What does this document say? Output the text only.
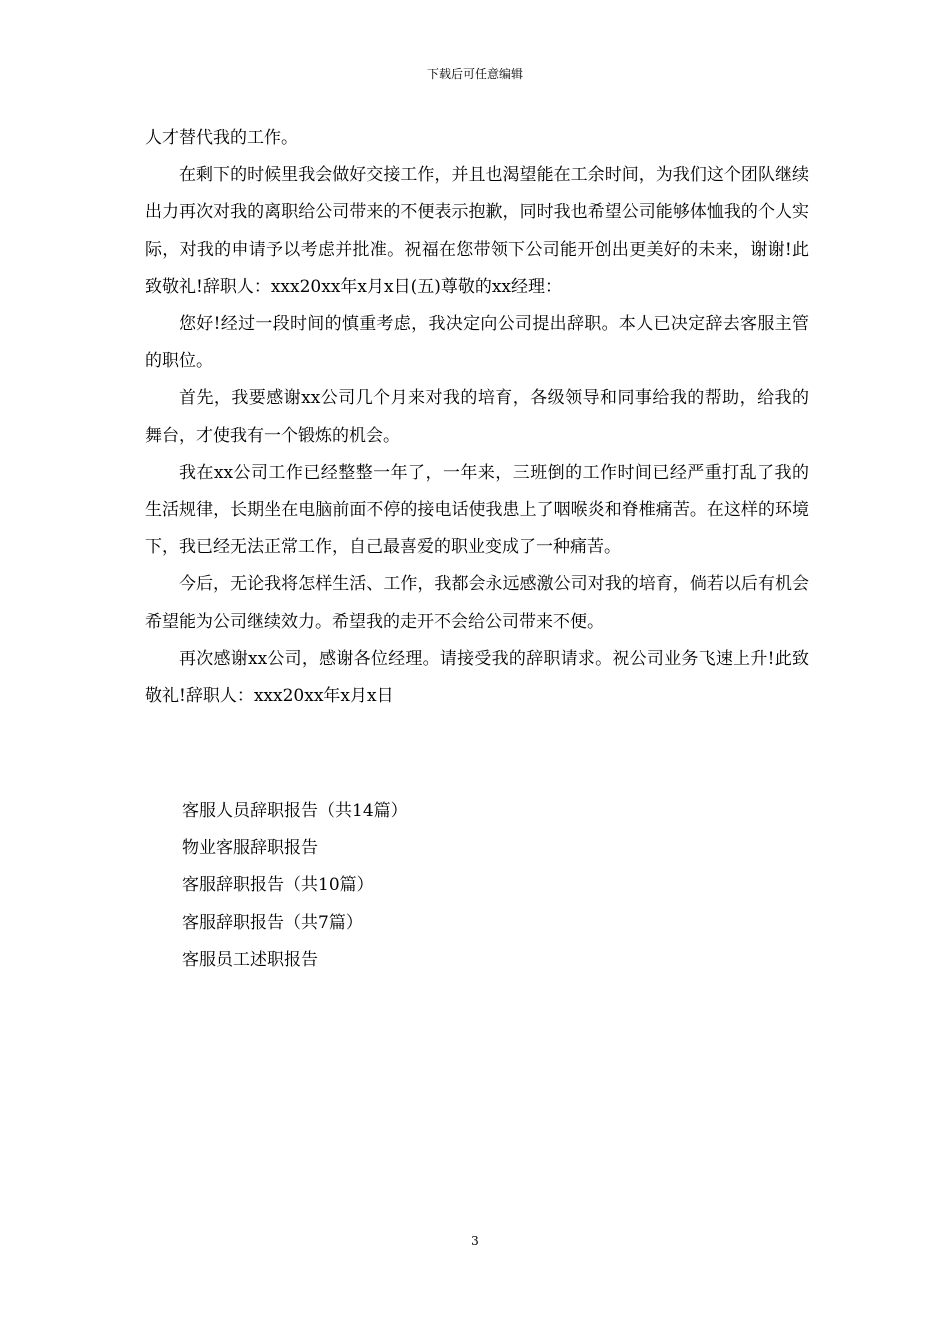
下载后可任意编辑

人才替代我的工作。

在剩下的时候里我会做好交接工作，并且也渴望能在工余时间，为我们这个团队继续出力再次对我的离职给公司带来的不便表示抱歉，同时我也希望公司能够体恤我的个人实际，对我的申请予以考虑并批准。祝福在您带领下公司能开创出更美好的未来，谢谢!此致敬礼!辞职人：xxx20xx年x月x日(五)尊敬的xx经理：

您好!经过一段时间的慎重考虑，我决定向公司提出辞职。本人已决定辞去客服主管的职位。

首先，我要感谢xx公司几个月来对我的培育，各级领导和同事给我的帮助，给我的舞台，才使我有一个锻炼的机会。

我在xx公司工作已经整整一年了，一年来，三班倒的工作时间已经严重打乱了我的生活规律，长期坐在电脑前面不停的接电话使我患上了咽喉炎和脊椎痛苦。在这样的环境下，我已经无法正常工作，自己最喜爱的职业变成了一种痛苦。

今后，无论我将怎样生活、工作，我都会永远感激公司对我的培育，倘若以后有机会希望能为公司继续效力。希望我的走开不会给公司带来不便。

再次感谢xx公司，感谢各位经理。请接受我的辞职请求。祝公司业务飞速上升!此致敬礼!辞职人：xxx20xx年x月x日

客服人员辞职报告（共14篇）
物业客服辞职报告
客服辞职报告（共10篇）
客服辞职报告（共7篇）
客服员工述职报告
3
